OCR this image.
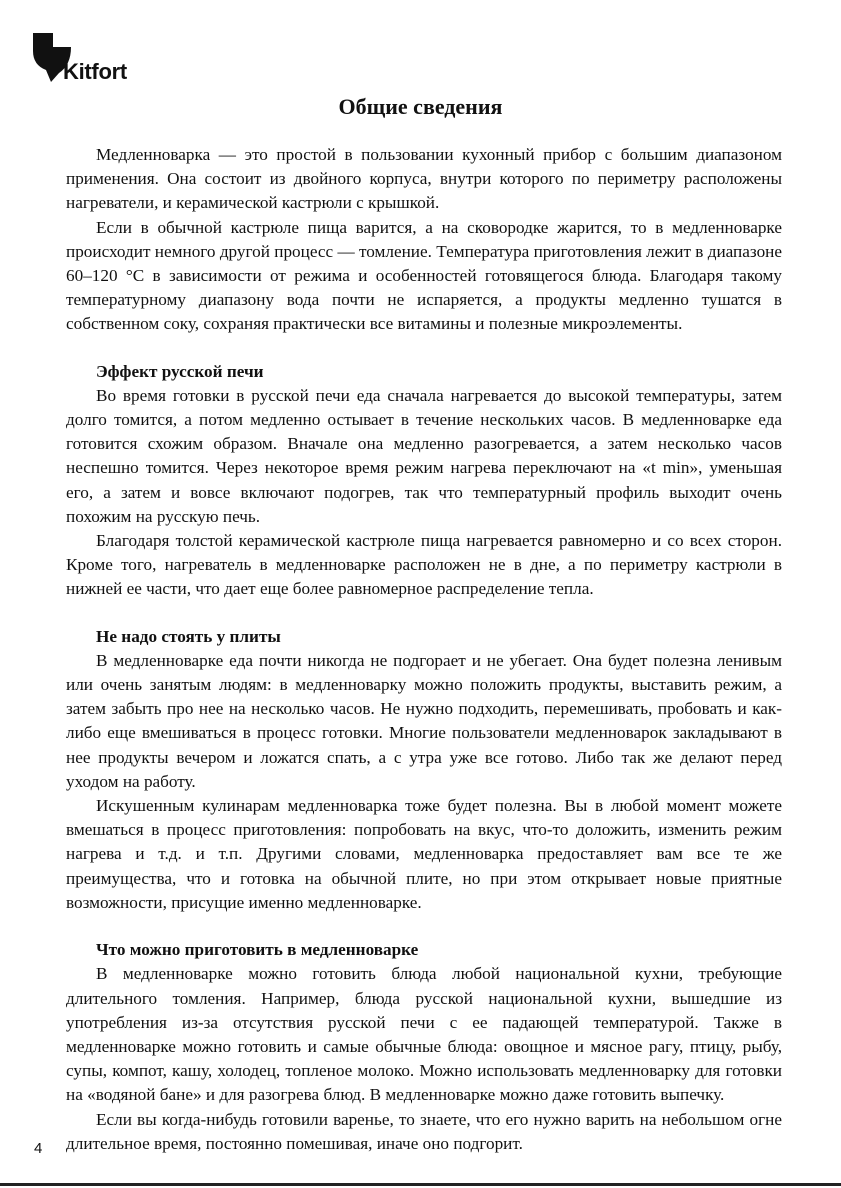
Kitfort
Общие сведения

Медленноварка — это простой в пользовании кухонный прибор с большим диапазоном применения. Она состоит из двойного корпуса, внутри которого по периметру расположены нагреватели, и керамической кастрюли с крышкой.

Если в обычной кастрюле пища варится, а на сковородке жарится, то в медленноварке происходит немного другой процесс — томление. Температура приготовления лежит в диапазоне 60–120 °C в зависимости от режима и особенностей готовящегося блюда. Благодаря такому температурному диапазону вода почти не испаряется, а продукты медленно тушатся в собственном соку, сохраняя практически все витамины и полезные микроэлементы.

Эффект русской печи

Во время готовки в русской печи еда сначала нагревается до высокой температуры, затем долго томится, а потом медленно остывает в течение нескольких часов. В медленноварке еда готовится схожим образом. Вначале она медленно разогревается, а затем несколько часов неспешно томится. Через некоторое время режим нагрева переключают на «t min», уменьшая его, а затем и вовсе включают подогрев, так что температурный профиль выходит очень похожим на русскую печь.

Благодаря толстой керамической кастрюле пища нагревается равномерно и со всех сторон. Кроме того, нагреватель в медленноварке расположен не в дне, а по периметру кастрюли в нижней ее части, что дает еще более равномерное распределение тепла.

Не надо стоять у плиты

В медленноварке еда почти никогда не подгорает и не убегает. Она будет полезна ленивым или очень занятым людям: в медленноварку можно положить продукты, выставить режим, а затем забыть про нее на несколько часов. Не нужно подходить, перемешивать, пробовать и как-либо еще вмешиваться в процесс готовки. Многие пользователи медленноварок закладывают в нее продукты вечером и ложатся спать, а с утра уже все готово. Либо так же делают перед уходом на работу.

Искушенным кулинарам медленноварка тоже будет полезна. Вы в любой момент можете вмешаться в процесс приготовления: попробовать на вкус, что-то доложить, изменить режим нагрева и т.д. и т.п. Другими словами, медленноварка предоставляет вам все те же преимущества, что и готовка на обычной плите, но при этом открывает новые приятные возможности, присущие именно медленноварке.

Что можно приготовить в медленноварке

В медленноварке можно готовить блюда любой национальной кухни, требующие длительного томления. Например, блюда русской национальной кухни, вышедшие из употребления из-за отсутствия русской печи с ее падающей температурой. Также в медленноварке можно готовить и самые обычные блюда: овощное и мясное рагу, птицу, рыбу, супы, компот, кашу, холодец, топленое молоко. Можно использовать медленноварку для готовки на «водяной бане» и для разогрева блюд. В медленноварке можно даже готовить выпечку.

Если вы когда-нибудь готовили варенье, то знаете, что его нужно варить на небольшом огне длительное время, постоянно помешивая, иначе оно подгорит.

4
